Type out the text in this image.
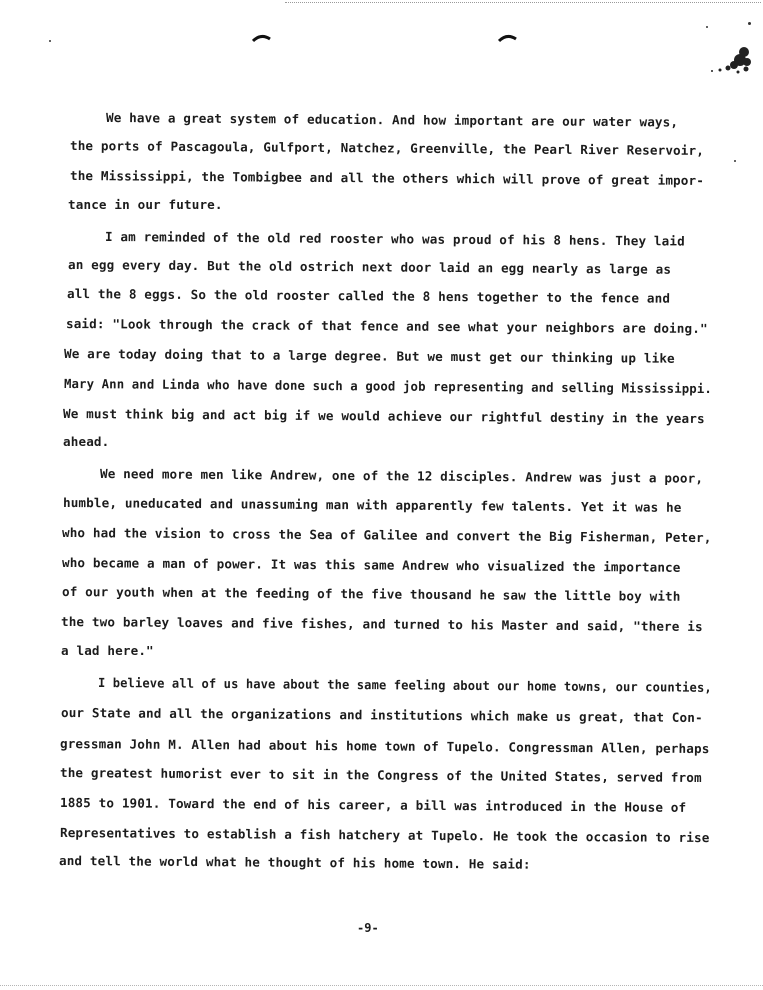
We have a great system of education. And how important are our water ways,
the ports of Pascagoula, Gulfport, Natchez, Greenville, the Pearl River Reservoir,
the Mississippi, the Tombigbee and all the others which will prove of great impor-
tance in our future.
I am reminded of the old red rooster who was proud of his 8 hens. They laid
an egg every day. But the old ostrich next door laid an egg nearly as large as
all the 8 eggs. So the old rooster called the 8 hens together to the fence and
said: "Look through the crack of that fence and see what your neighbors are doing."
We are today doing that to a large degree. But we must get our thinking up like
Mary Ann and Linda who have done such a good job representing and selling Mississippi.
We must think big and act big if we would achieve our rightful destiny in the years
ahead.
We need more men like Andrew, one of the 12 disciples. Andrew was just a poor,
humble, uneducated and unassuming man with apparently few talents. Yet it was he
who had the vision to cross the Sea of Galilee and convert the Big Fisherman, Peter,
who became a man of power. It was this same Andrew who visualized the importance
of our youth when at the feeding of the five thousand he saw the little boy with
the two barley loaves and five fishes, and turned to his Master and said, "there is
a lad here."
I believe all of us have about the same feeling about our home towns, our counties,
our State and all the organizations and institutions which make us great, that Con-
gressman John M. Allen had about his home town of Tupelo. Congressman Allen, perhaps
the greatest humorist ever to sit in the Congress of the United States, served from
1885 to 1901. Toward the end of his career, a bill was introduced in the House of
Representatives to establish a fish hatchery at Tupelo. He took the occasion to rise
and tell the world what he thought of his home town. He said:
-9-
